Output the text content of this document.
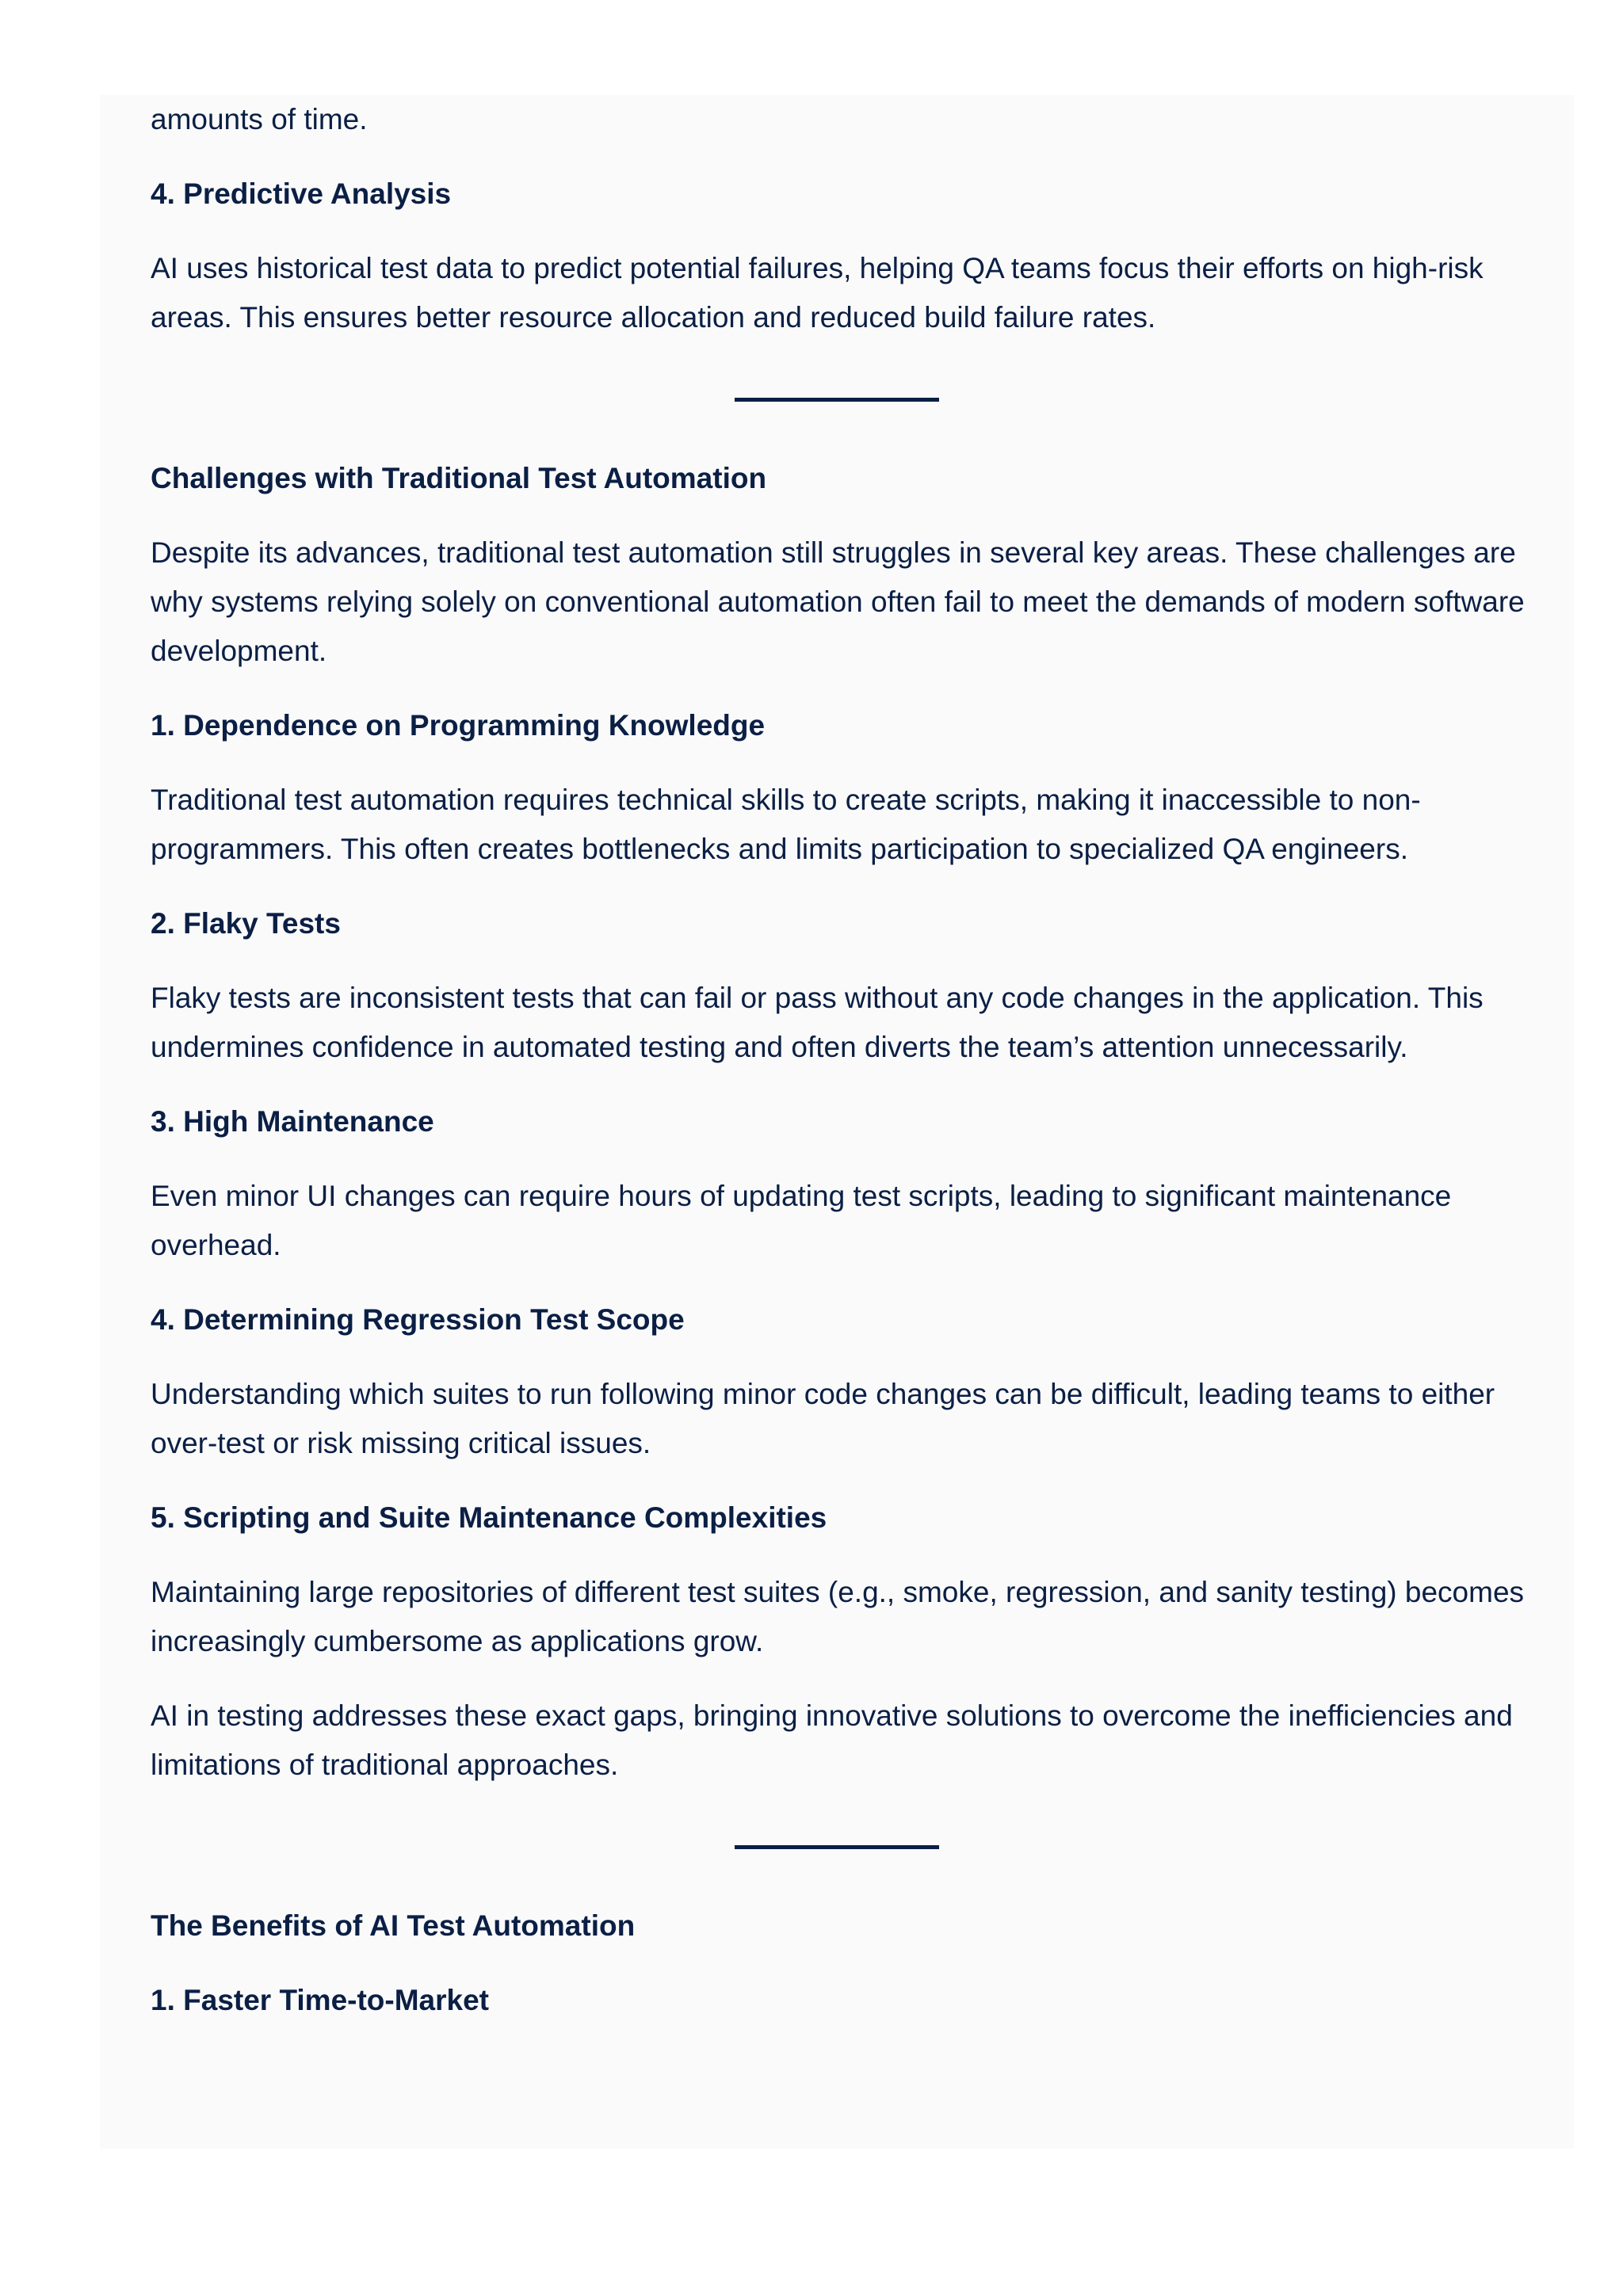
amounts of time.

4. Predictive Analysis

AI uses historical test data to predict potential failures, helping QA teams focus their efforts on high-risk areas. This ensures better resource allocation and reduced build failure rates.

Challenges with Traditional Test Automation

Despite its advances, traditional test automation still struggles in several key areas. These challenges are why systems relying solely on conventional automation often fail to meet the demands of modern software development.

1. Dependence on Programming Knowledge

Traditional test automation requires technical skills to create scripts, making it inaccessible to non-programmers. This often creates bottlenecks and limits participation to specialized QA engineers.

2. Flaky Tests

Flaky tests are inconsistent tests that can fail or pass without any code changes in the application. This undermines confidence in automated testing and often diverts the team’s attention unnecessarily.

3. High Maintenance

Even minor UI changes can require hours of updating test scripts, leading to significant maintenance overhead.

4. Determining Regression Test Scope

Understanding which suites to run following minor code changes can be difficult, leading teams to either over-test or risk missing critical issues.

5. Scripting and Suite Maintenance Complexities

Maintaining large repositories of different test suites (e.g., smoke, regression, and sanity testing) becomes increasingly cumbersome as applications grow.

AI in testing addresses these exact gaps, bringing innovative solutions to overcome the inefficiencies and limitations of traditional approaches.

The Benefits of AI Test Automation
1. Faster Time-to-Market
